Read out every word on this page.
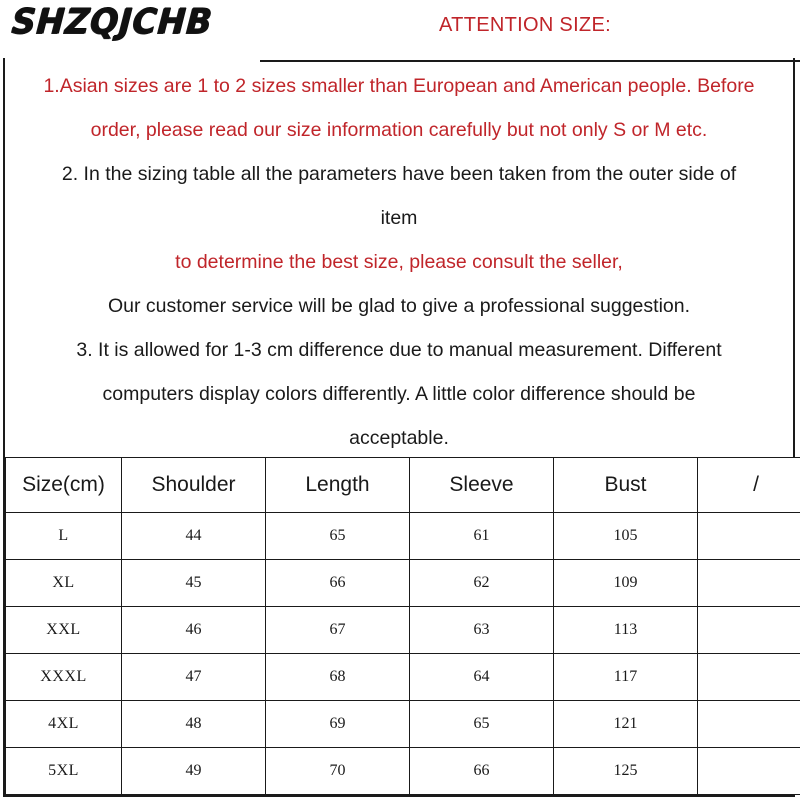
SHZQJCHB	ATTENTION SIZE:
1.Asian sizes are 1 to 2 sizes smaller than European and American people. Before
order, please read our size information carefully but not only S or M etc.
2. In the sizing table all the parameters have been taken from the outer side of
item
to determine the best size, please consult the seller,
Our customer service will be glad to give a professional suggestion.
3. It is allowed for 1-3 cm difference due to manual measurement. Different
computers display colors differently. A little color difference should be
acceptable.
Size(cm)	Shoulder	Length	Sleeve	Bust	/
L	44	65	61	105	
XL	45	66	62	109	
XXL	46	67	63	113	
XXXL	47	68	64	117	
4XL	48	69	65	121	
5XL	49	70	66	125	
